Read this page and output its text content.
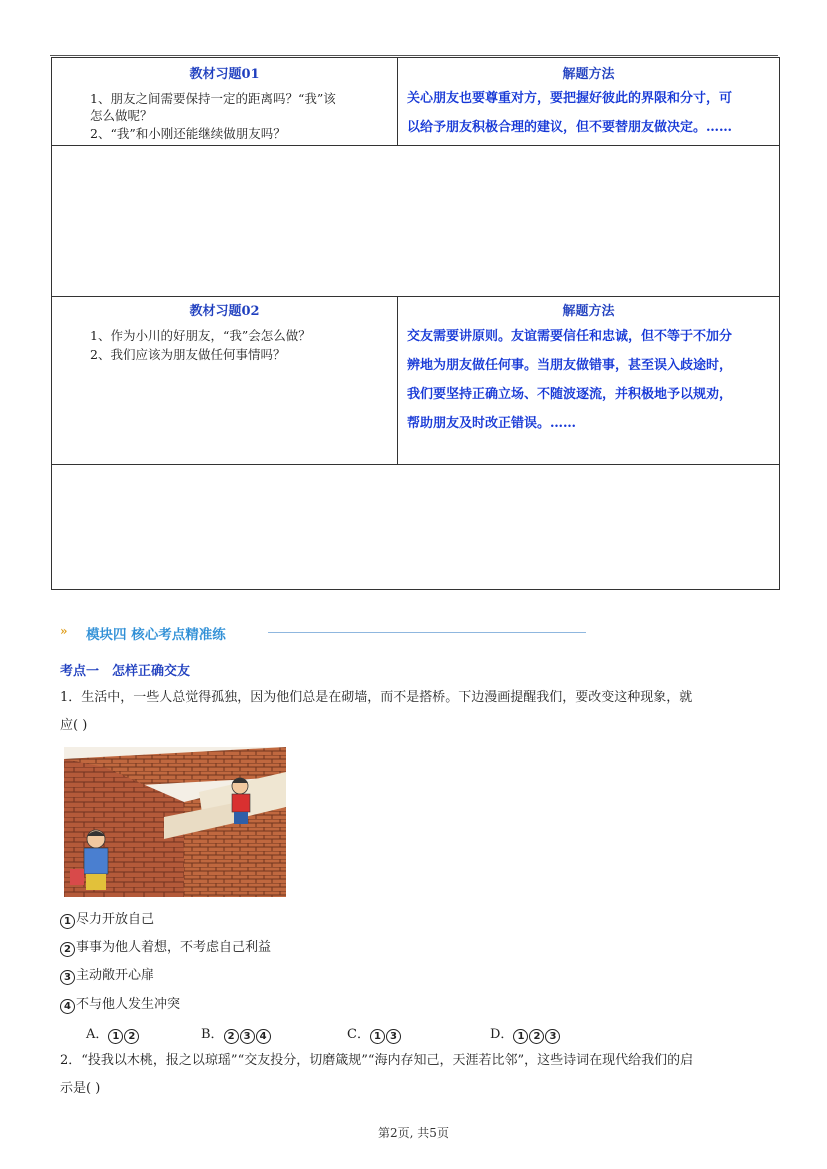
教材习题01
1、朋友之间需要保持一定的距离吗？“我”该
怎么做呢？
2、“我”和小刚还能继续做朋友吗？
解题方法
关心朋友也要尊重对方，要把握好彼此的界限和分寸，可
以给予朋友积极合理的建议，但不要替朋友做决定。……
教材习题02
1、作为小川的好朋友，“我”会怎么做？
2、我们应该为朋友做任何事情吗？
解题方法
交友需要讲原则。友谊需要信任和忠诚，但不等于不加分
辨地为朋友做任何事。当朋友做错事，甚至误入歧途时，
我们要坚持正确立场、不随波逐流，并积极地予以规劝，
帮助朋友及时改正错误。……
» 模块四 核心考点精准练
考点一　怎样正确交友
1．生活中，一些人总觉得孤独，因为他们总是在砌墙，而不是搭桥。下边漫画提醒我们，要改变这种现象，就
应( )
1 尽力开放自己
2 事事为他人着想，不考虑自己利益
3 主动敞开心扉
4 不与他人发生冲突
A． 1 2	B． 2 3 4	C． 1 3	D． 1 2 3
2．“投我以木桃，报之以琼瑶”“交友投分，切磨箴规”“海内存知己，天涯若比邻”，这些诗词在现代给我们的启
示是( )
第2页, 共5页
